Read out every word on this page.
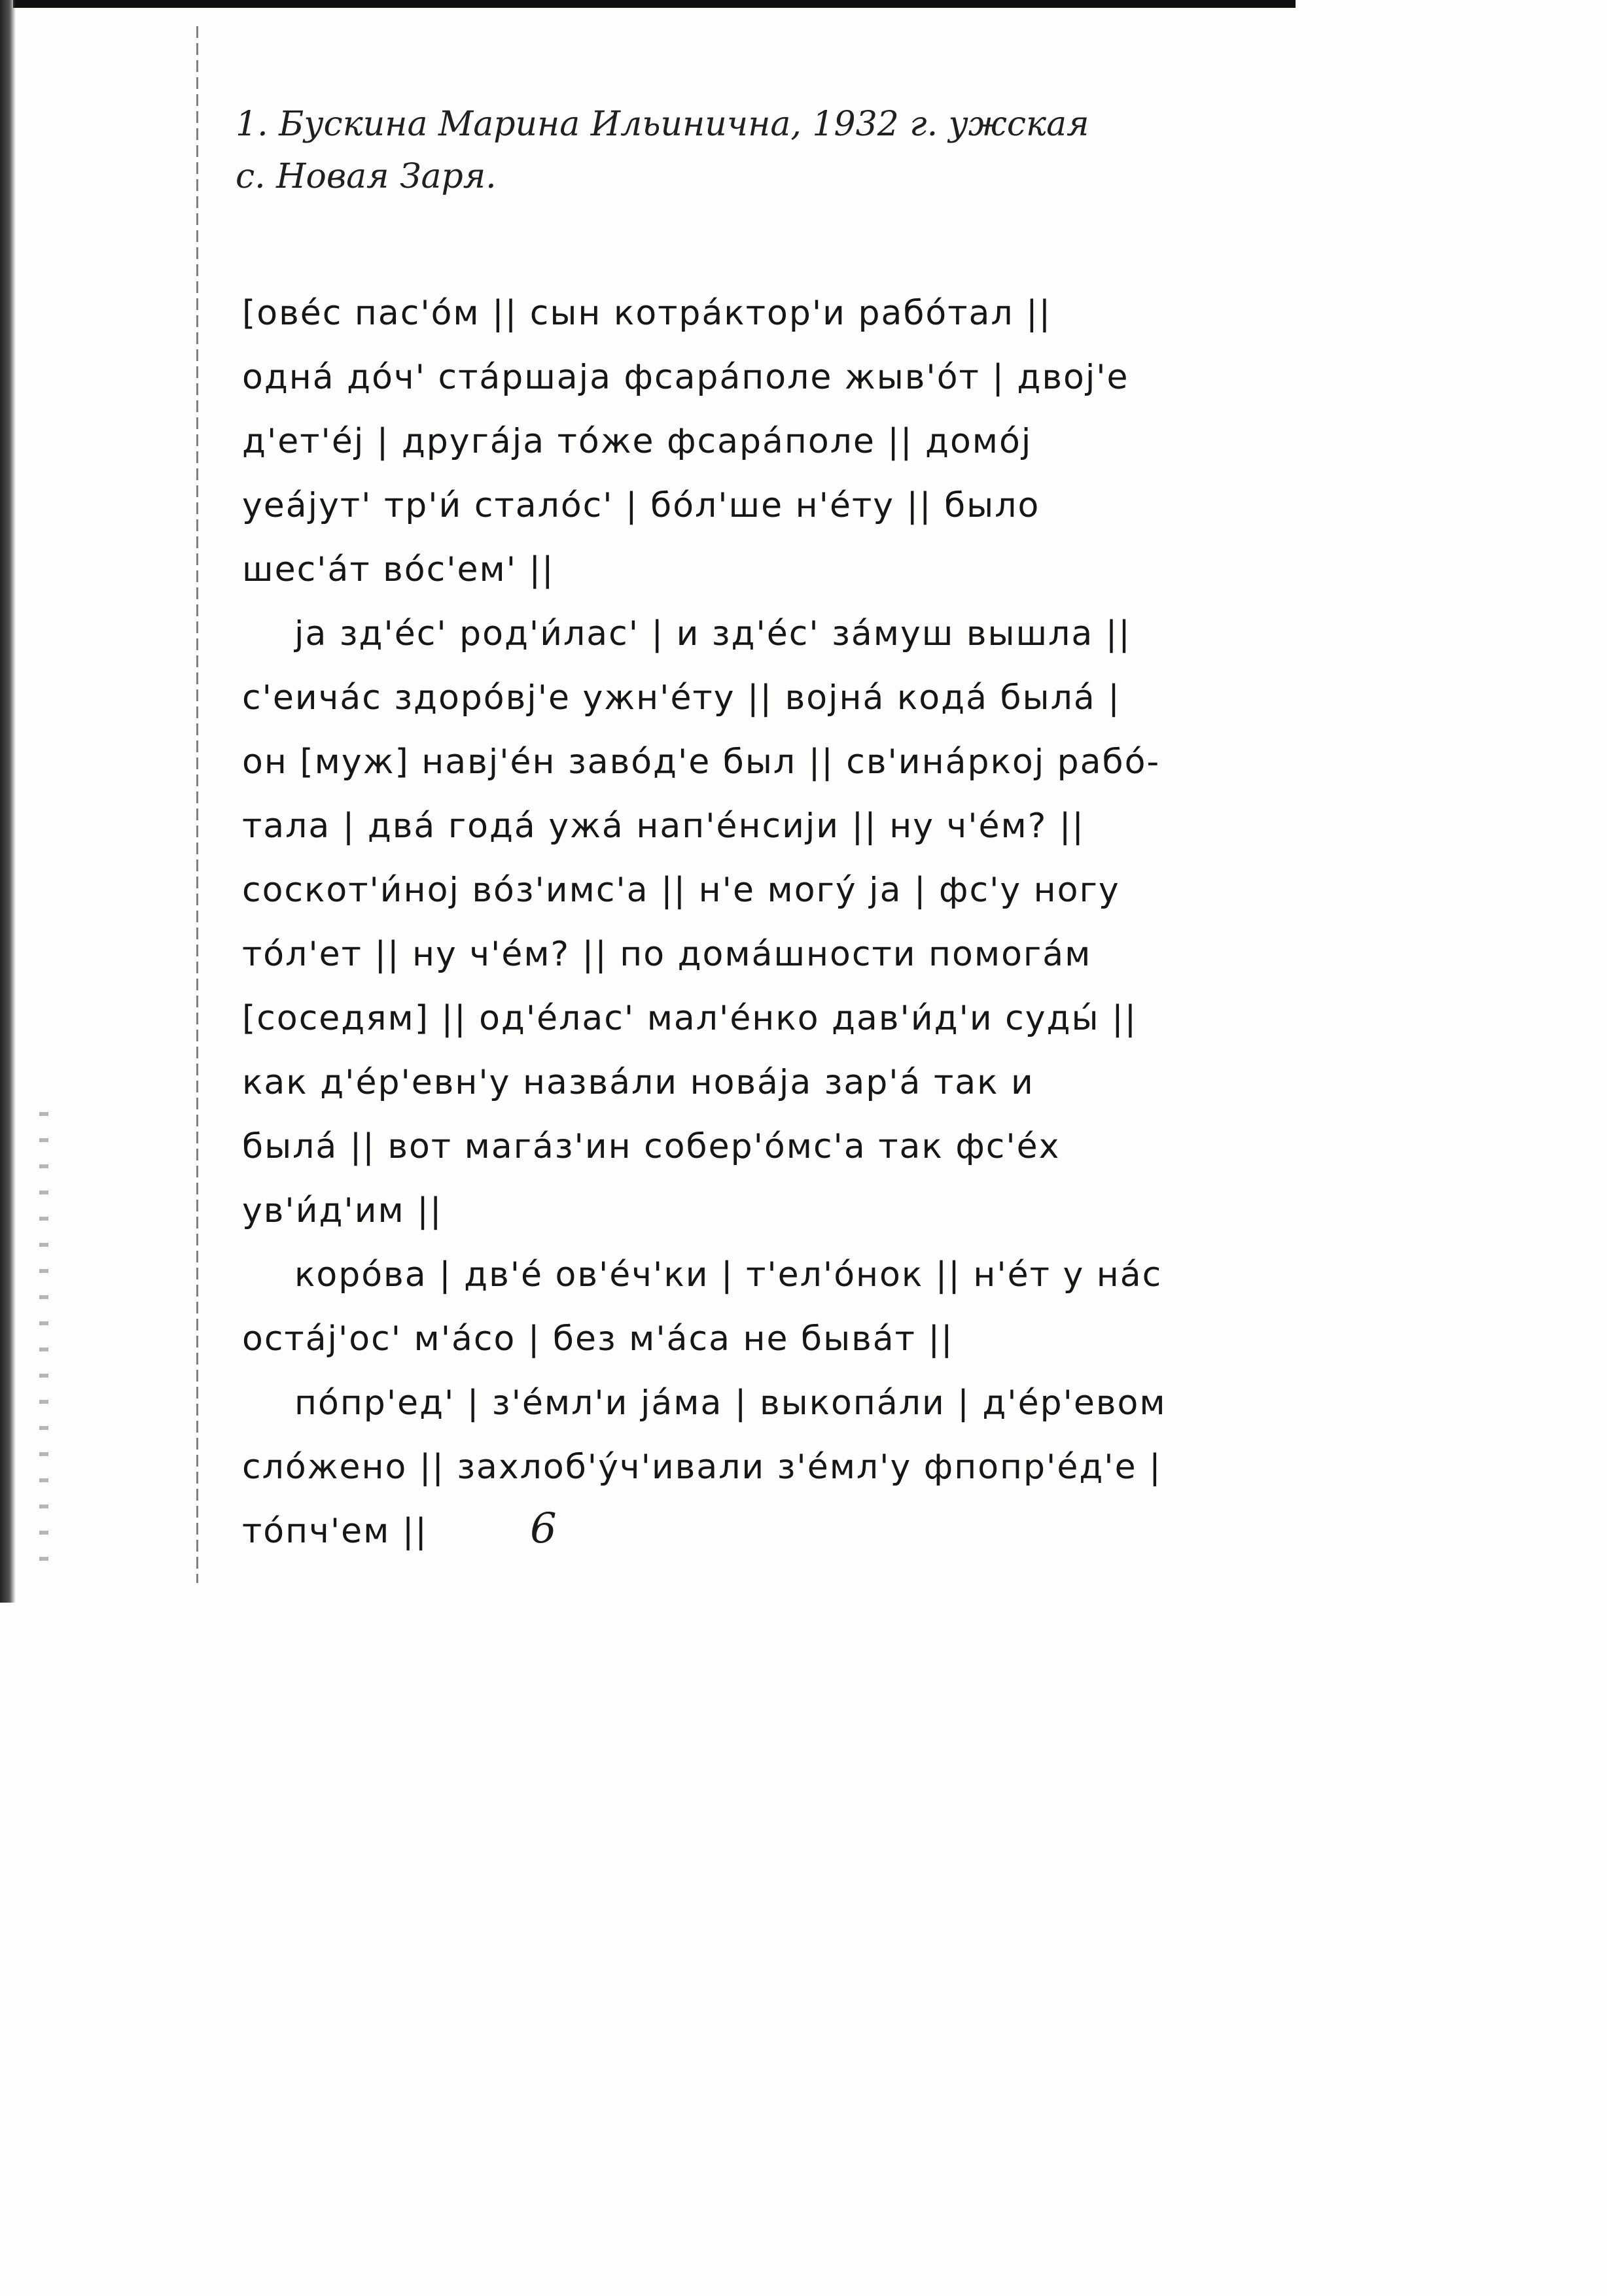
1. Бускина Марина Ильинична, 1932 г. ужская
с. Новая Заря.
[ове́с пас'о́м || сын котра́ктор'и рабо́тал ||
одна́ до́ч' ста́ршаја фсара́поле жыв'о́т | двој'е
д'ет'е́j | друга́ја то́же фсара́поле || домо́ј
уеа́јут' тр'и́ стало́с' | бо́л'ше н'е́ту || было
шес'а́т во́с'ем' ||
ја зд'е́с' род'и́лас' | и зд'е́с' за́муш вышла ||
с'еича́с здоро́вј'е ужн'е́ту || војна́ кода́ была́ |
он [муж] навј'е́н заво́д'е был || св'ина́ркој рабо́-
тала | два́ года́ ужа́ нап'е́нсији || ну ч'е́м? ||
соскот'и́ној во́з'имс'а || н'е могу́ ја | фс'у ногу
то́л'ет || ну ч'е́м? || по дома́шности помога́м
[соседям] || од'е́лас' мал'е́нко дав'и́д'и суды́ ||
как д'е́р'евн'у назва́ли нова́ја зар'а́ так и
была́ || вот мага́з'ин собер'о́мс'а так фс'е́х
ув'и́д'им ||
коро́ва | дв'е́ ов'е́ч'ки | т'ел'о́нок || н'е́т у на́с
оста́j'ос' м'а́со | без м'а́са не быва́т ||
по́пр'ед' | з'е́мл'и ја́ма | выкопа́ли | д'е́р'евом
сло́жено || захлоб'у́ч'ивали з'е́мл'у фпопр'е́д'е |
то́пч'ем ||	6
